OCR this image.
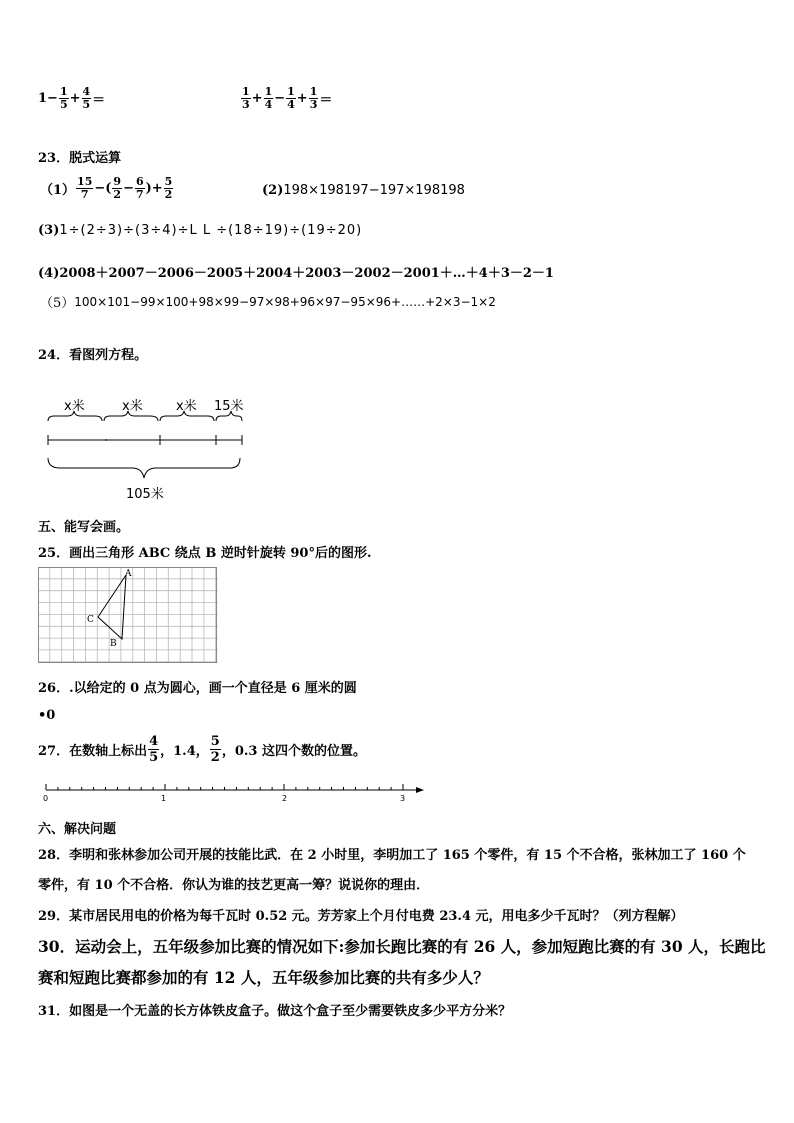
$1 - \frac{1}{5} + \frac{4}{5}$ ＝	$\frac{1}{3} + \frac{1}{4} - \frac{1}{4} + \frac{1}{3}$ ＝
23．脱式运算
$(1) \frac{15}{7}$ −( $\frac{9}{2} - \frac{6}{7}$ )+ $\frac{5}{2}$	(2) 198×198197−197×198198
(3) 1÷(2÷3)÷(3÷4)÷L L ÷(18÷19)÷(19÷20)
(4)2008＋2007－2006－2005＋2004＋2003－2002－2001＋…＋4＋3－2－1
（5） 100×101−99×100+98×99−97×98+96×97−95×96+……+2×3−1×2
24．看图列方程。
x米	x米	x米 15米
105米
五、能写会画。
25．画出三角形 ABC 绕点 B 逆时针旋转 90°后的图形.
A
B
C
26．.以给定的 0 点为圆心，画一个直径是 6 厘米的圆
•0
27．在数轴上标出 $\frac{4}{5}$ ，1.4， $\frac{5}{2}$ ，0.3 这四个数的位置。
0	1	2	3
六、解决问题
28．李明和张林参加公司开展的技能比武．在 2 小时里，李明加工了 165 个零件，有 15 个不合格，张林加工了 160 个
零件，有 10 个不合格．你认为谁的技艺更高一筹？说说你的理由．
29．某市居民用电的价格为每千瓦时 0.52 元。芳芳家上个月付电费 23.4 元，用电多少千瓦时？（列方程解）
30．运动会上，五年级参加比赛的情况如下:参加长跑比赛的有 26 人，参加短跑比赛的有 30 人，长跑比
赛和短跑比赛都参加的有 12 人，五年级参加比赛的共有多少人？
31．如图是一个无盖的长方体铁皮盒子。做这个盒子至少需要铁皮多少平方分米？
